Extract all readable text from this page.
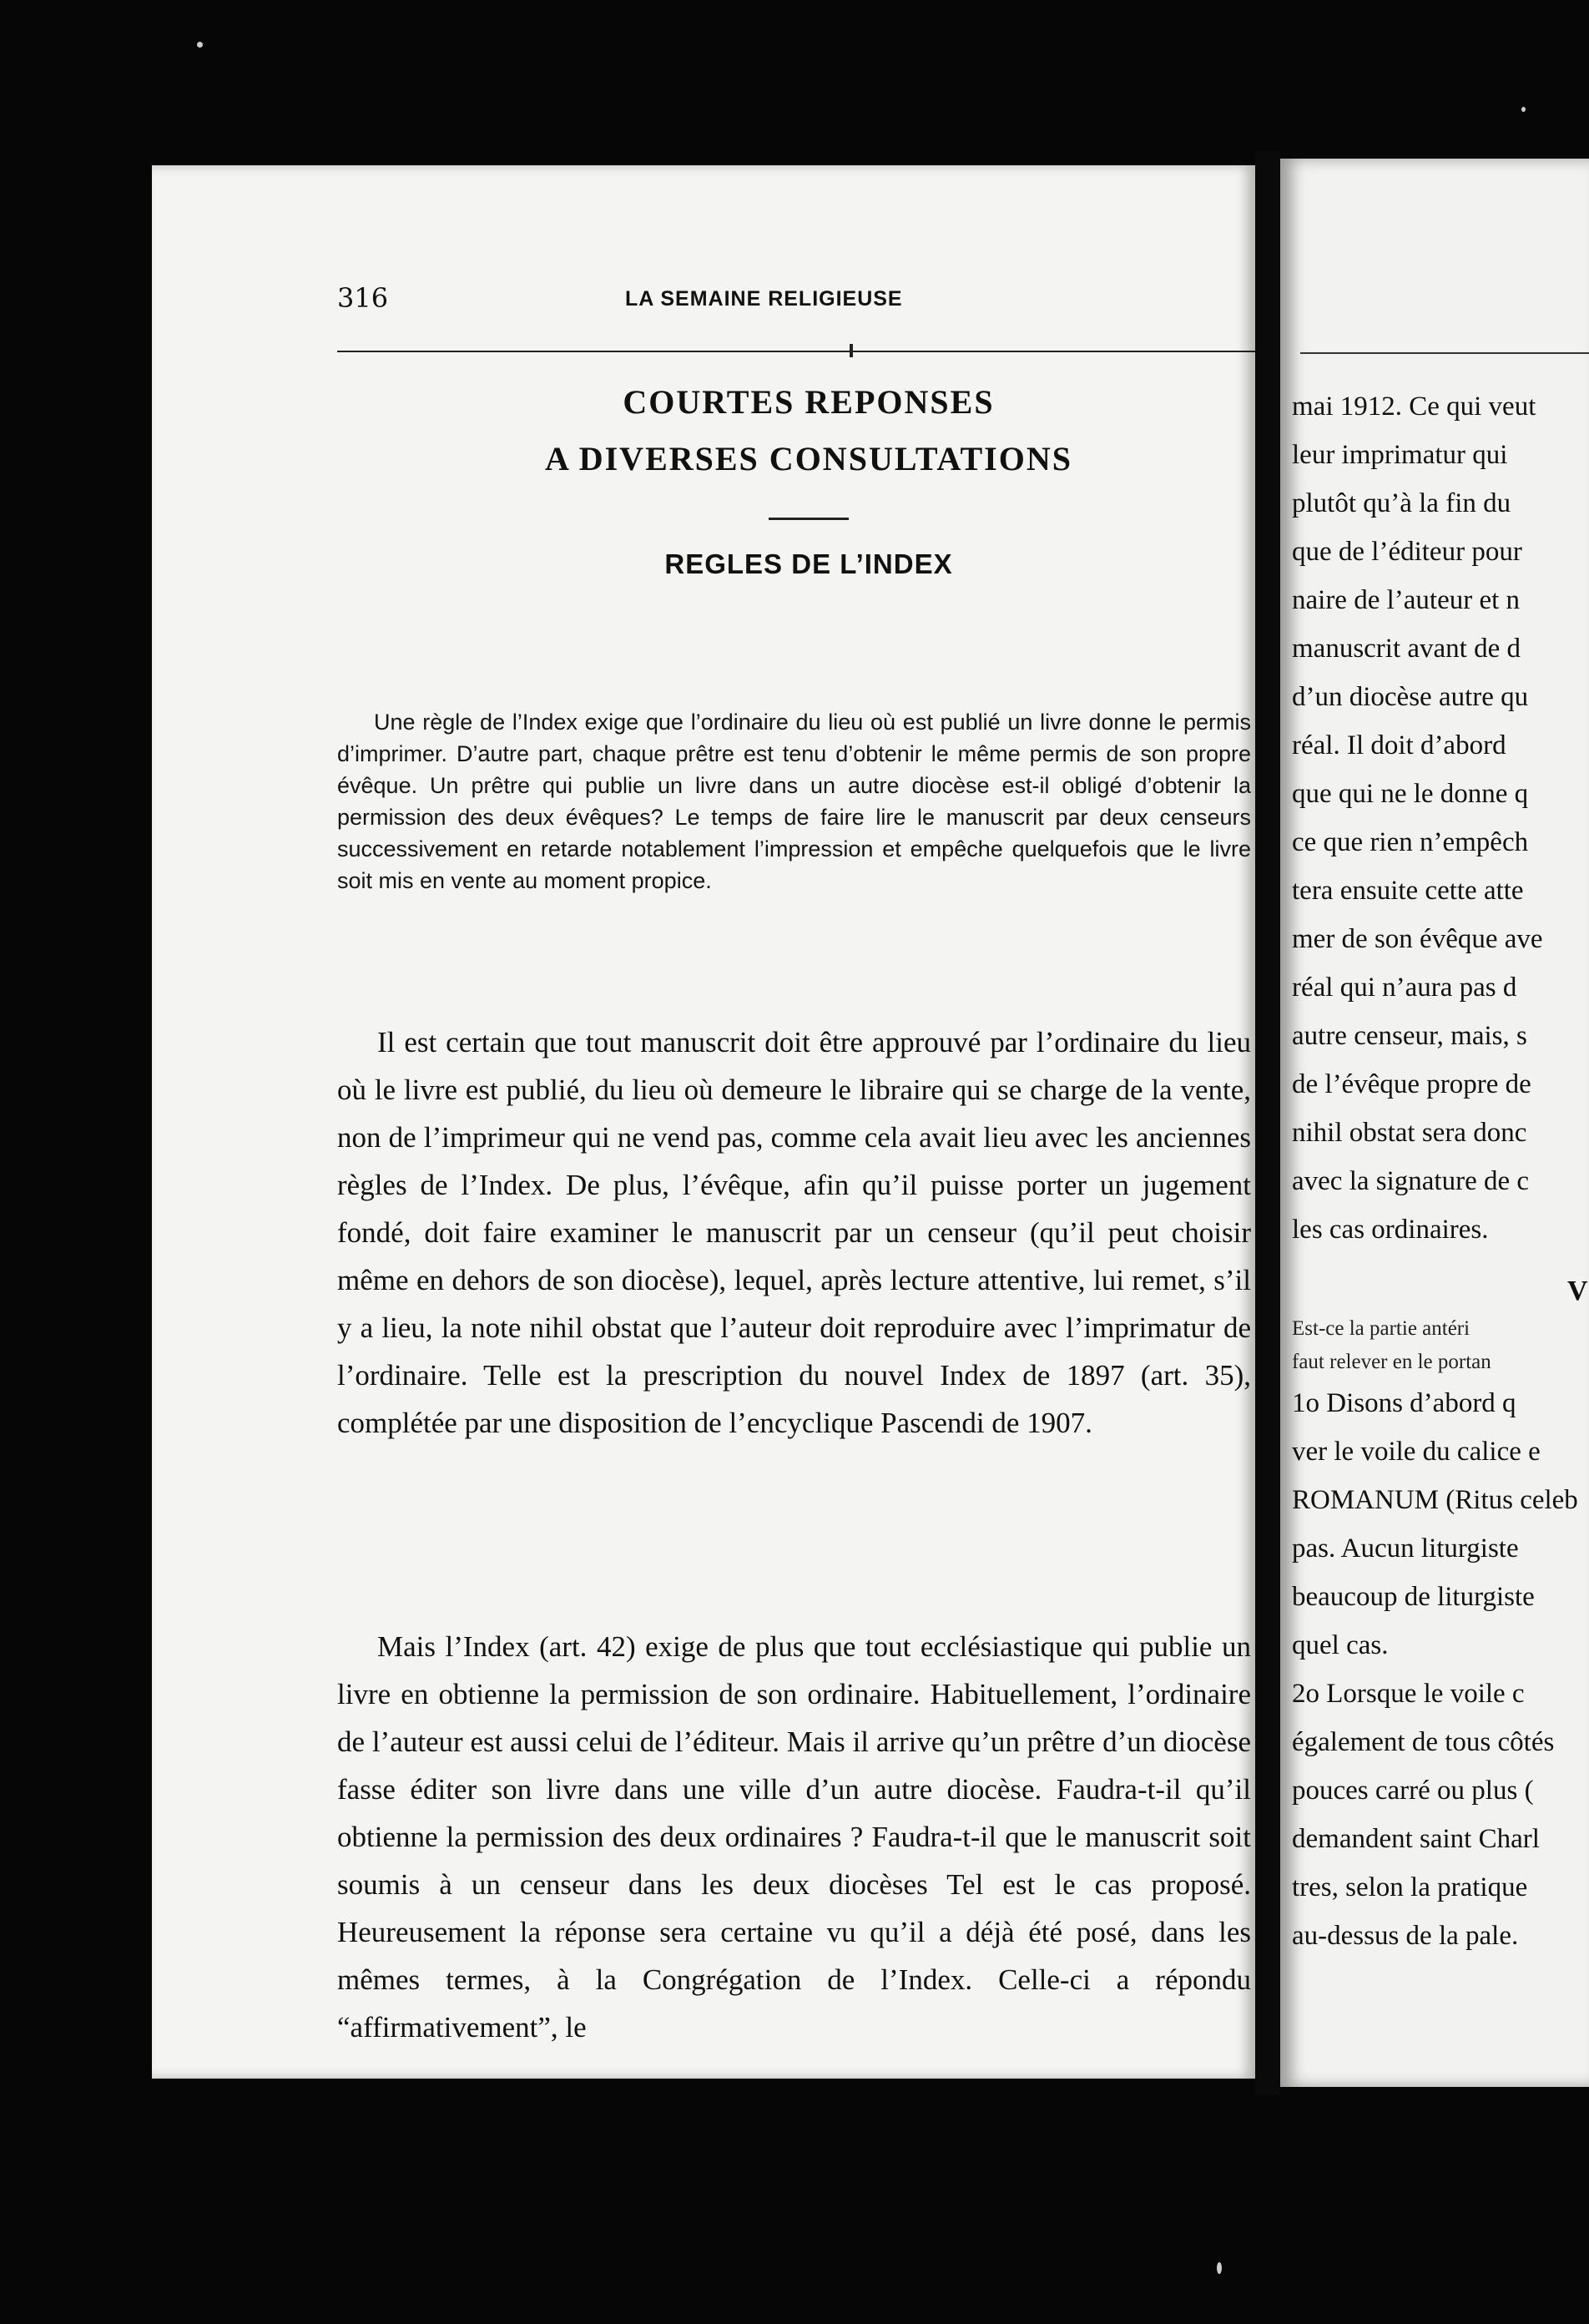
316	LA SEMAINE RELIGIEUSE
COURTES REPONSES
A DIVERSES CONSULTATIONS
REGLES DE L’INDEX
Une règle de l’Index exige que l’ordinaire du lieu où est publié un livre donne le permis d’imprimer. D’autre part, chaque prêtre est tenu d’obtenir le même permis de son propre évêque. Un prêtre qui publie un livre dans un autre diocèse est-il obligé d’obtenir la permission des deux évêques? Le temps de faire lire le manuscrit par deux censeurs successivement en retarde notablement l’impression et empêche quelquefois que le livre soit mis en vente au moment propice.

Il est certain que tout manuscrit doit être approuvé par l’ordinaire du lieu où le livre est publié, du lieu où demeure le libraire qui se charge de la vente, non de l’imprimeur qui ne vend pas, comme cela avait lieu avec les anciennes règles de l’Index. De plus, l’évêque, afin qu’il puisse porter un jugement fondé, doit faire examiner le manuscrit par un censeur (qu’il peut choisir même en dehors de son diocèse), lequel, après lecture attentive, lui remet, s’il y a lieu, la note nihil obstat que l’auteur doit reproduire avec l’imprimatur de l’ordinaire. Telle est la prescription du nouvel Index de 1897 (art. 35), complétée par une disposition de l’encyclique Pascendi de 1907.

Mais l’Index (art. 42) exige de plus que tout ecclésiastique qui publie un livre en obtienne la permission de son ordinaire. Habituellement, l’ordinaire de l’auteur est aussi celui de l’éditeur. Mais il arrive qu’un prêtre d’un diocèse fasse éditer son livre dans une ville d’un autre diocèse. Faudra-t-il qu’il obtienne la permission des deux ordinaires ? Faudra-t-il que le manuscrit soit soumis à un censeur dans les deux diocèses Tel est le cas proposé. Heureusement la réponse sera certaine vu qu’il a déjà été posé, dans les mêmes termes, à la Congrégation de l’Index. Celle-ci a répondu “affirmativement”, le

mai 1912. Ce qui veut
leur imprimatur qui
plutôt qu’à la fin du
que de l’éditeur pour
naire de l’auteur et n
manuscrit avant de d
d’un diocèse autre qu
réal. Il doit d’abord
que qui ne le donne q
ce que rien n’empêch
tera ensuite cette atte
mer de son évêque ave
réal qui n’aura pas d
autre censeur, mais, s
de l’évêque propre de
nihil obstat sera donc
avec la signature de c
les cas ordinaires.
V
Est-ce la partie antéri
faut relever en le portan
1o Disons d’abord q
ver le voile du calice e
ROMANUM (Ritus celeb
pas. Aucun liturgiste
beaucoup de liturgiste
quel cas.
2o Lorsque le voile c
également de tous côtés
pouces carré ou plus (
demandent saint Charl
tres, selon la pratique
au-dessus de la pale.
